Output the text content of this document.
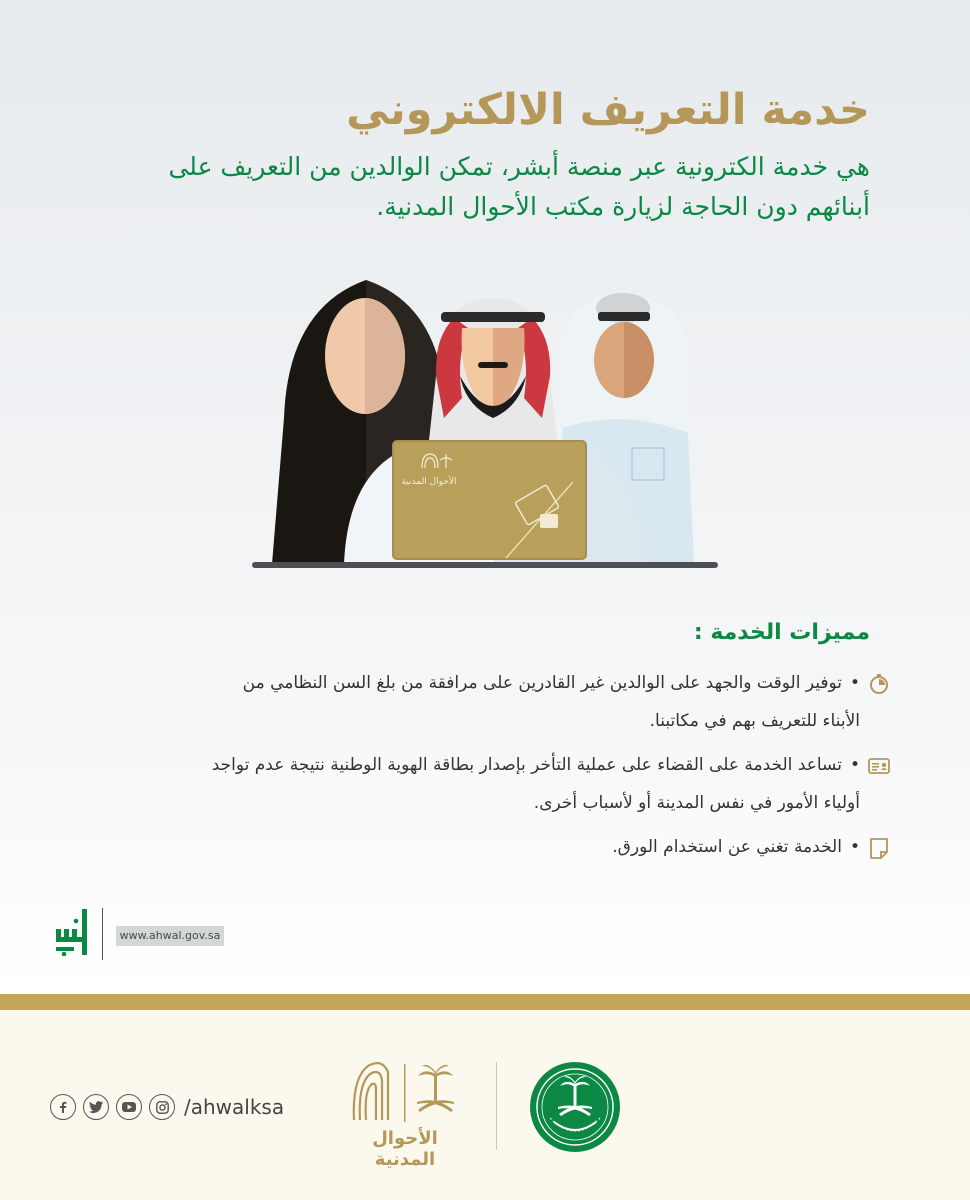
خدمة التعريف الالكتروني

هي خدمة الكترونية عبر منصة أبشر، تمكن الوالدين من التعريف على أبنائهم دون الحاجة لزيارة مكتب الأحوال المدنية.

الأحوال المدنية
مميزات الخدمة :
•توفير الوقت والجهد على الوالدين غير القادرين على مرافقة من بلغ السن النظامي من الأبناء للتعريف بهم في مكاتبنا.
•تساعد الخدمة على القضاء على عملية التأخر بإصدار بطاقة الهوية الوطنية نتيجة عدم تواجد أولياء الأمور في نفس المدينة أو لأسباب أخرى.
•الخدمة تغني عن استخدام الورق.
www.ahwal.gov.sa
/ahwalksa
الأحوال المدنية
